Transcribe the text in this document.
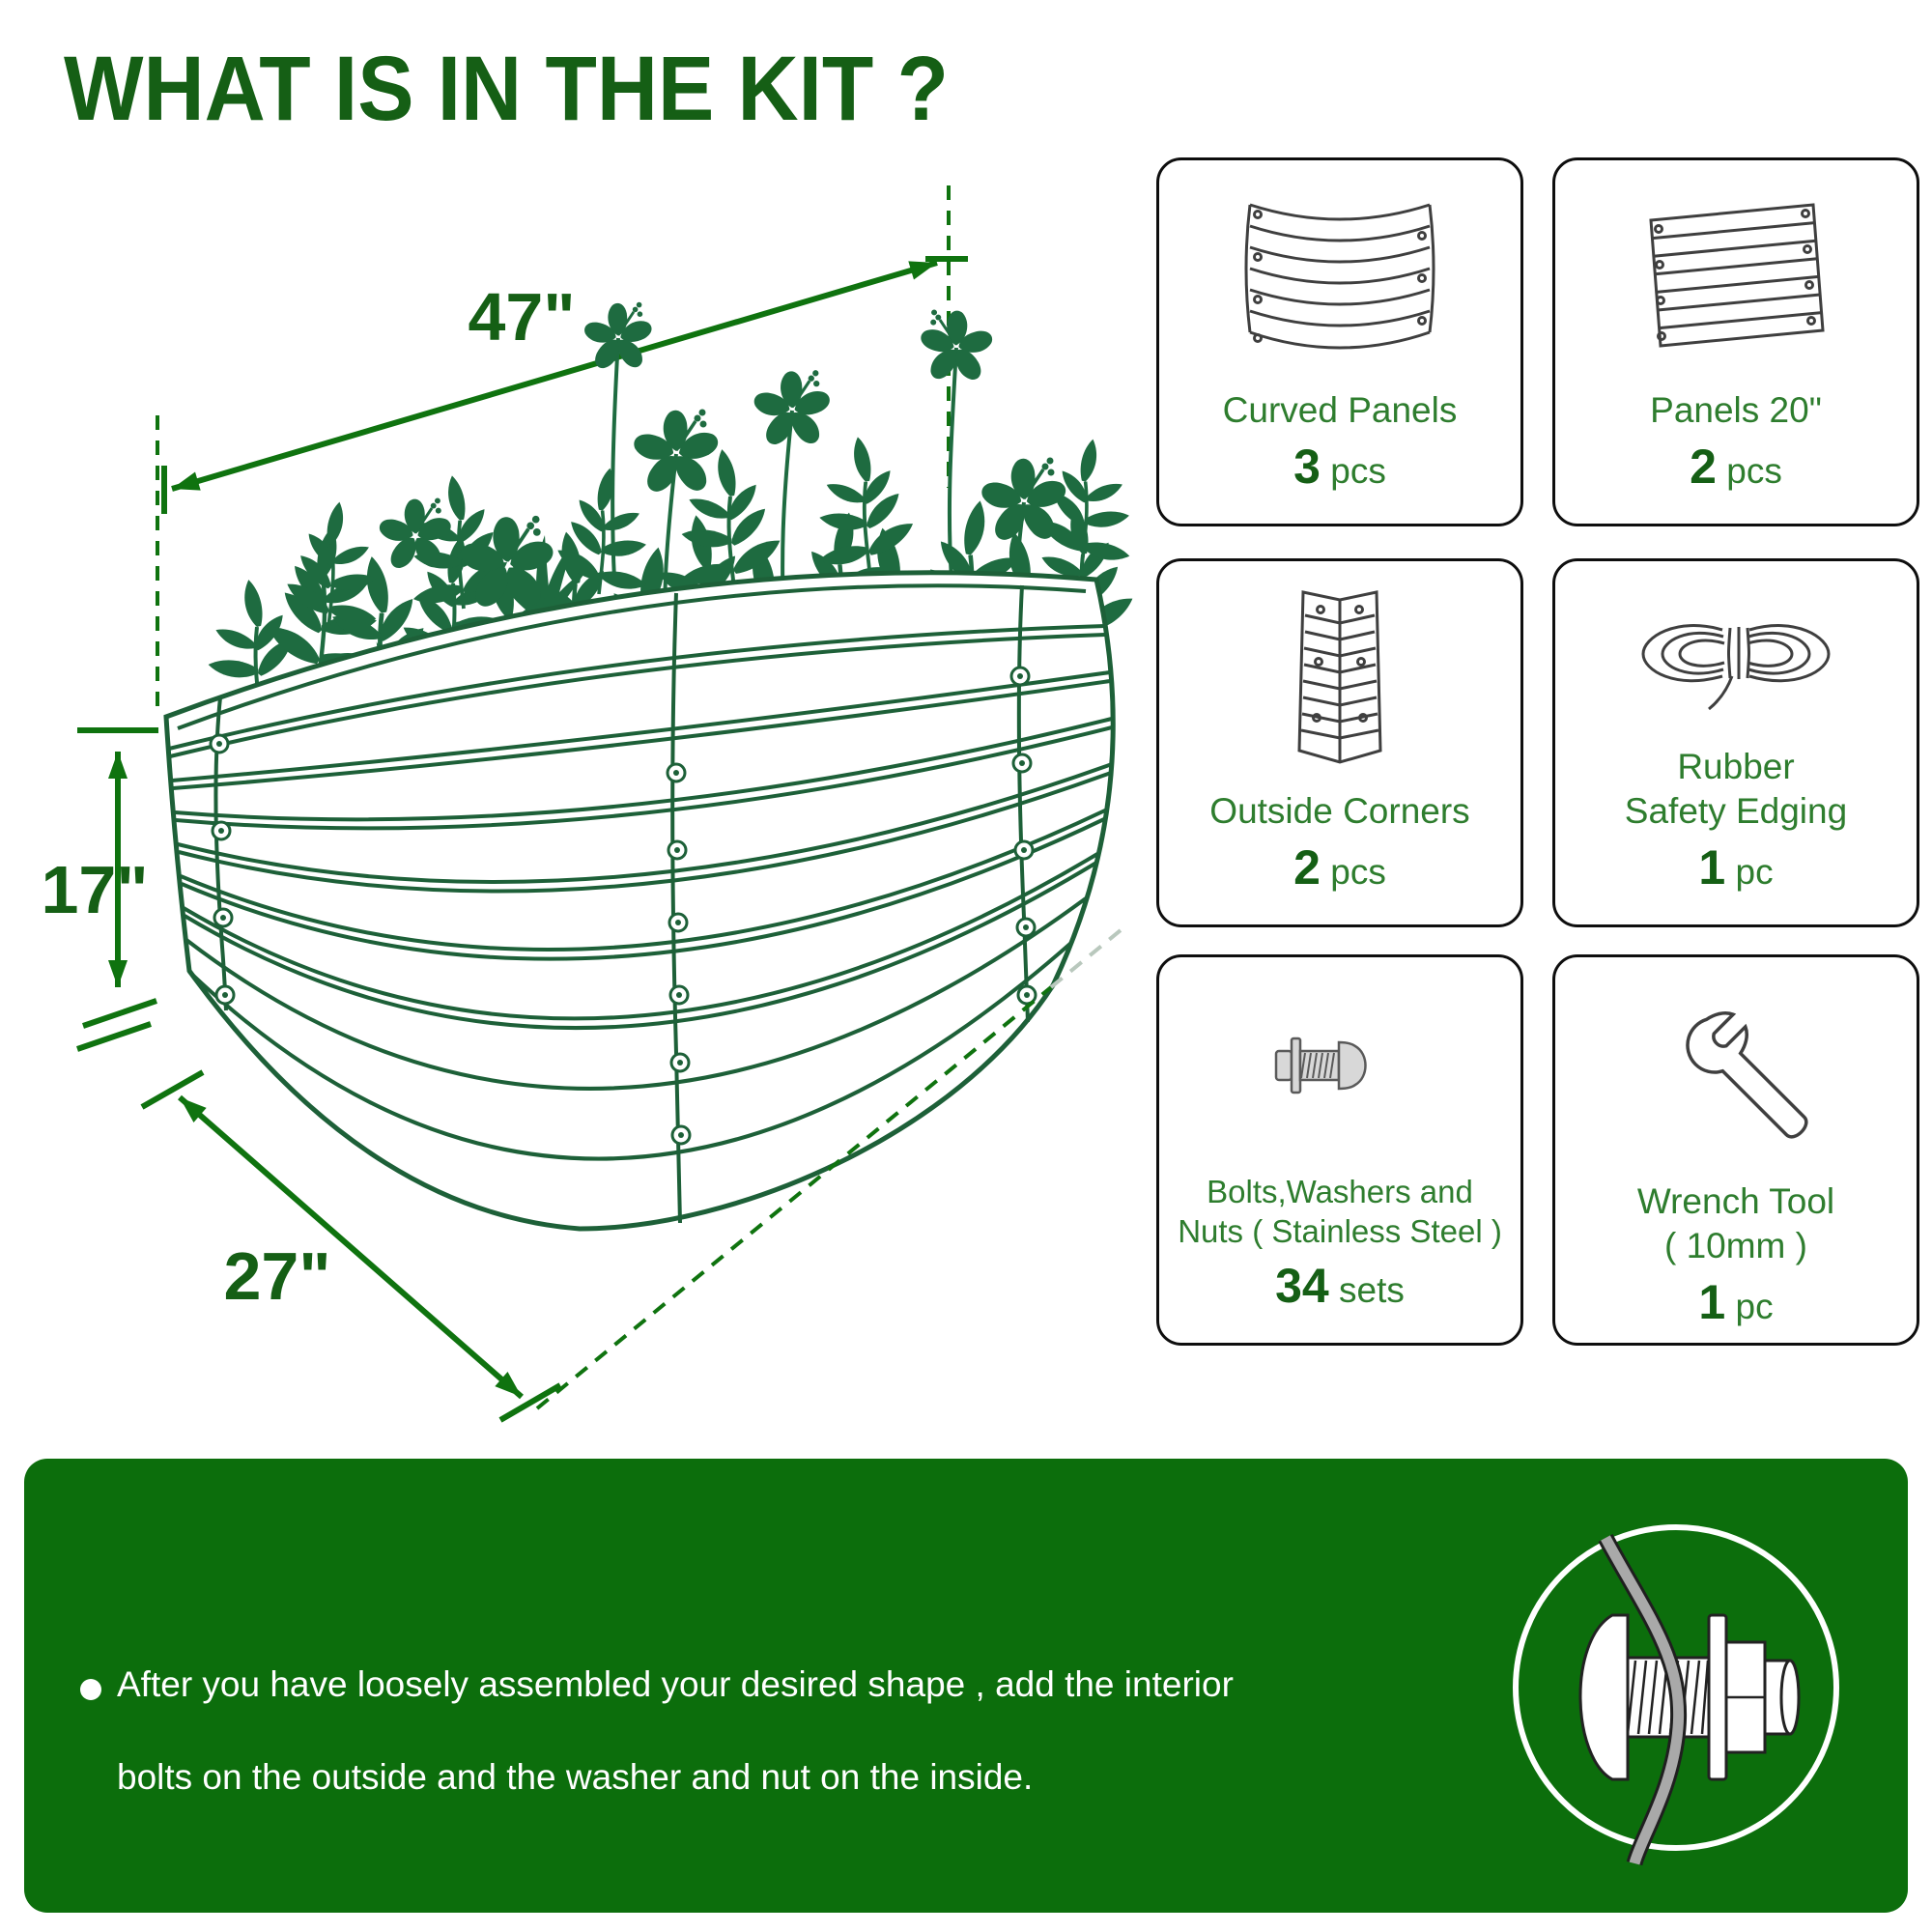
WHAT IS IN THE KIT ?
47"
17"
27"
Curved Panels
3 pcs
Panels 20"
2 pcs
Outside Corners
2 pcs
Rubber
Safety Edging
1 pc
Bolts,Washers and
Nuts ( Stainless Steel )
34 sets
Wrench Tool
( 10mm )
1 pc
After you have loosely assembled your desired shape , add the interior
bolts on the outside and the washer and nut on the inside.
